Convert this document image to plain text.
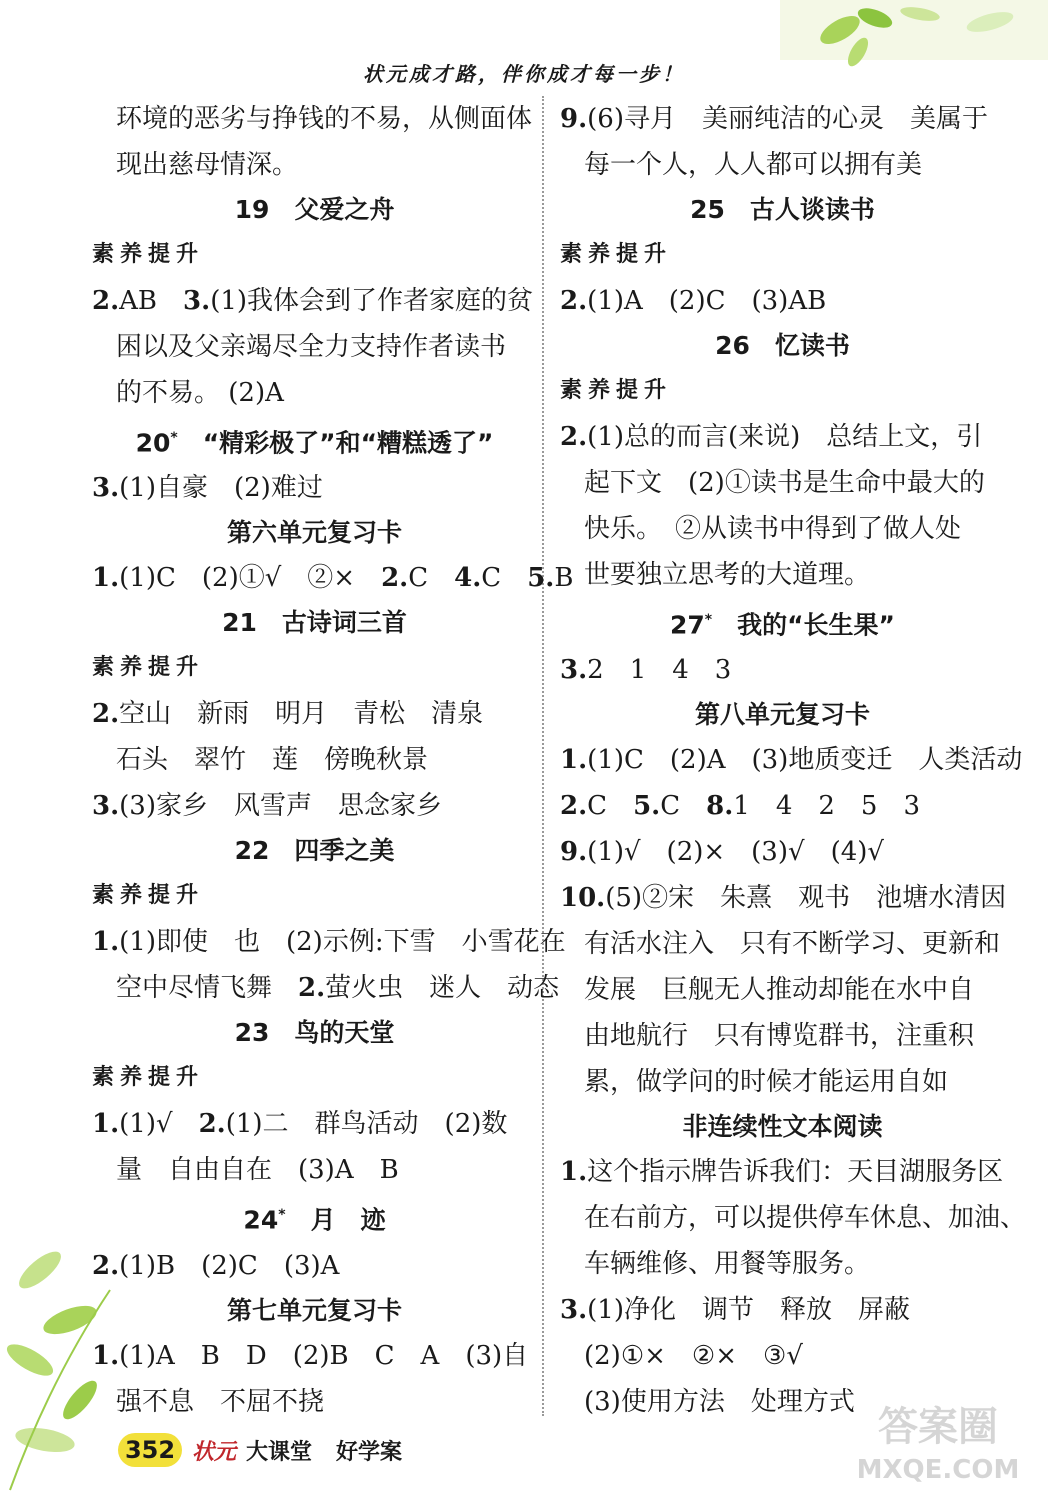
状元成才路，伴你成才每一步！
环境的恶劣与挣钱的不易，从侧面体
现出慈母情深。
19　父爱之舟
素养提升
2.AB　3.(1)我体会到了作者家庭的贫
困以及父亲竭尽全力支持作者读书
的不易。 (2)A
20*　 “精彩极了”和“糟糕透了”
3.(1)自豪　(2)难过
第六单元复习卡
1.(1)C　(2)①√　②×　2.C　4.C　5.B
21　古诗词三首
素养提升
2.空山　新雨　明月　青松　清泉
石头　翠竹　莲　傍晚秋景
3.(3)家乡　风雪声　思念家乡
22　四季之美
素养提升
1.(1)即使　也　(2)示例:下雪　小雪花在
空中尽情飞舞　2.萤火虫　迷人　动态
23　鸟的天堂
素养提升
1.(1)√　2.(1)二　群鸟活动　(2)数
量　自由自在　(3)A　B
24*　 月　迹
2.(1)B　(2)C　(3)A
第七单元复习卡
1.(1)A　B　D　(2)B　C　A　(3)自
强不息　不屈不挠
9.(6)寻月　美丽纯洁的心灵　美属于
每一个人，人人都可以拥有美
25　古人谈读书
素养提升
2.(1)A　(2)C　(3)AB
26　忆读书
素养提升
2.(1)总的而言(来说)　总结上文，引
起下文　(2)①读书是生命中最大的
快乐。　②从读书中得到了做人处
世要独立思考的大道理。
27*　 我的“长生果”
3.2　1　4　3
第八单元复习卡
1.(1)C　(2)A　(3)地质变迁　人类活动
2.C　5.C　8.1　4　2　5　3
9.(1)√　(2)×　(3)√　(4)√
10.(5)②宋　朱熹　观书　池塘水清因
有活水注入　只有不断学习、更新和
发展　巨舰无人推动却能在水中自
由地航行　只有博览群书，注重积
累，做学问的时候才能运用自如
非连续性文本阅读
1.这个指示牌告诉我们：天目湖服务区
在右前方，可以提供停车休息、加油、
车辆维修、用餐等服务。
3.(1)净化　调节　释放　屏蔽
(2)①×　②×　③√
(3)使用方法　处理方式
352 状元 大课堂 好学案
答案圈
MXQE.COM
